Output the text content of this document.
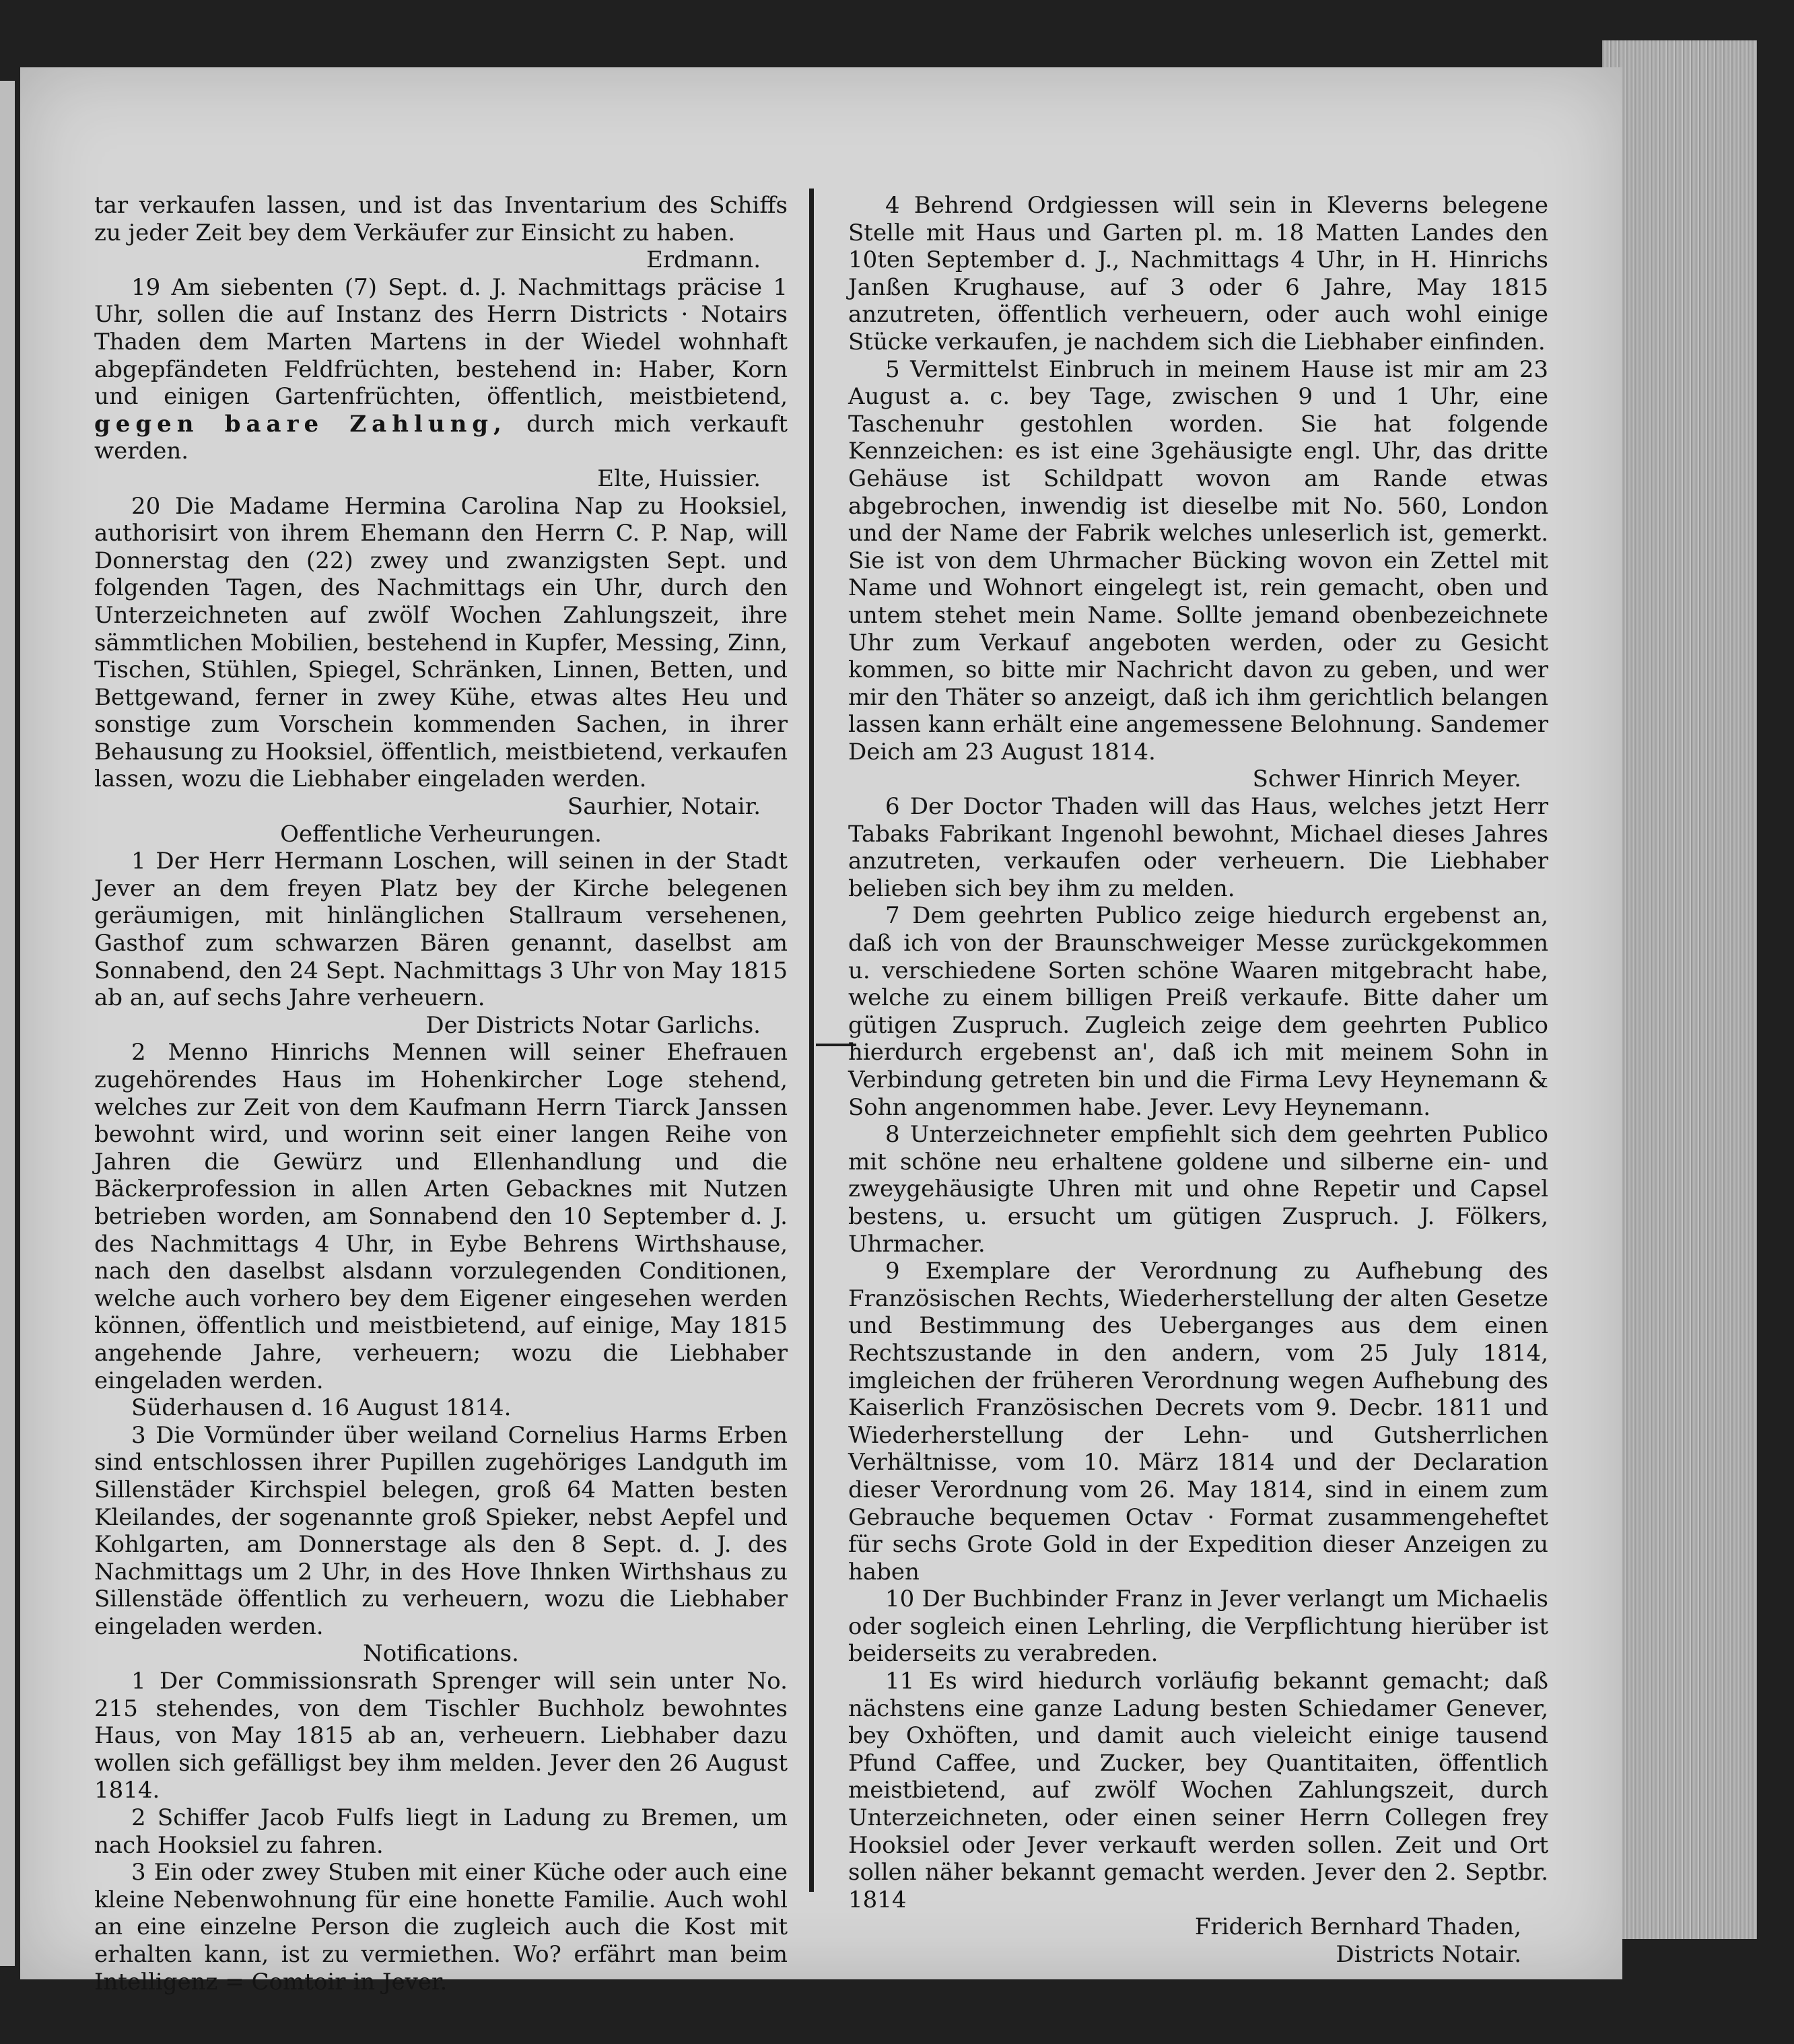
tar verkaufen lassen, und ist das Inventarium des Schiffs zu jeder Zeit bey dem Verkäufer zur Einsicht zu haben.

Erdmann.

19 Am siebenten (7) Sept. d. J. Nachmittags präcise 1 Uhr, sollen die auf Instanz des Herrn Districts · Notairs Thaden dem Marten Martens in der Wiedel wohnhaft abgepfändeten Feldfrüchten, bestehend in: Haber, Korn und einigen Gartenfrüchten, öffentlich, meistbietend, gegen baare Zahlung, durch mich verkauft werden.

Elte, Huissier.

20 Die Madame Hermina Carolina Nap zu Hooksiel, authorisirt von ihrem Ehemann den Herrn C. P. Nap, will Donnerstag den (22) zwey und zwanzigsten Sept. und folgenden Tagen, des Nachmittags ein Uhr, durch den Unterzeichneten auf zwölf Wochen Zahlungszeit, ihre sämmtlichen Mobilien, bestehend in Kupfer, Messing, Zinn, Tischen, Stühlen, Spiegel, Schränken, Linnen, Betten, und Bettgewand, ferner in zwey Kühe, etwas altes Heu und sonstige zum Vorschein kommenden Sachen, in ihrer Behausung zu Hooksiel, öffentlich, meistbietend, verkaufen lassen, wozu die Liebhaber eingeladen werden.

Saurhier, Notair.

Oeffentliche Verheurungen.

1 Der Herr Hermann Loschen, will seinen in der Stadt Jever an dem freyen Platz bey der Kirche belegenen geräumigen, mit hinlänglichen Stallraum versehenen, Gasthof zum schwarzen Bären genannt, daselbst am Sonnabend, den 24 Sept. Nachmittags 3 Uhr von May 1815 ab an, auf sechs Jahre verheuern.

Der Districts Notar Garlichs.

2 Menno Hinrichs Mennen will seiner Ehefrauen zugehörendes Haus im Hohenkircher Loge stehend, welches zur Zeit von dem Kaufmann Herrn Tiarck Janssen bewohnt wird, und worinn seit einer langen Reihe von Jahren die Gewürz und Ellenhandlung und die Bäckerprofession in allen Arten Gebacknes mit Nutzen betrieben worden, am Sonnabend den 10 September d. J. des Nachmittags 4 Uhr, in Eybe Behrens Wirthshause, nach den daselbst alsdann vorzulegenden Conditionen, welche auch vorhero bey dem Eigener eingesehen werden können, öffentlich und meistbietend, auf einige, May 1815 angehende Jahre, verheuern; wozu die Liebhaber eingeladen werden.

Süderhausen d. 16 August 1814.

3 Die Vormünder über weiland Cornelius Harms Erben sind entschlossen ihrer Pupillen zugehöriges Landguth im Sillenstäder Kirchspiel belegen, groß 64 Matten besten Kleilandes, der sogenannte groß Spieker, nebst Aepfel und Kohlgarten, am Donnerstage als den 8 Sept. d. J. des Nachmittags um 2 Uhr, in des Hove Ihnken Wirthshaus zu Sillenstäde öffentlich zu verheuern, wozu die Liebhaber eingeladen werden.

Notifications.

1 Der Commissionsrath Sprenger will sein unter No. 215 stehendes, von dem Tischler Buchholz bewohntes Haus, von May 1815 ab an, verheuern. Liebhaber dazu wollen sich gefälligst bey ihm melden. Jever den 26 August 1814.

2 Schiffer Jacob Fulfs liegt in Ladung zu Bremen, um nach Hooksiel zu fahren.

3 Ein oder zwey Stuben mit einer Küche oder auch eine kleine Nebenwohnung für eine honette Familie. Auch wohl an eine einzelne Person die zugleich auch die Kost mit erhalten kann, ist zu vermiethen. Wo? erfährt man beim Intelligenz = Comtoir in Jever.

4 Behrend Ordgiessen will sein in Kleverns belegene Stelle mit Haus und Garten pl. m. 18 Matten Landes den 10ten September d. J., Nachmittags 4 Uhr, in H. Hinrichs Janßen Krughause, auf 3 oder 6 Jahre, May 1815 anzutreten, öffentlich verheuern, oder auch wohl einige Stücke verkaufen, je nachdem sich die Liebhaber einfinden.

5 Vermittelst Einbruch in meinem Hause ist mir am 23 August a. c. bey Tage, zwischen 9 und 1 Uhr, eine Taschenuhr gestohlen worden. Sie hat folgende Kennzeichen: es ist eine 3gehäusigte engl. Uhr, das dritte Gehäuse ist Schildpatt wovon am Rande etwas abgebrochen, inwendig ist dieselbe mit No. 560, London und der Name der Fabrik welches unleserlich ist, gemerkt. Sie ist von dem Uhrmacher Bücking wovon ein Zettel mit Name und Wohnort eingelegt ist, rein gemacht, oben und untem stehet mein Name. Sollte jemand obenbezeichnete Uhr zum Verkauf angeboten werden, oder zu Gesicht kommen, so bitte mir Nachricht davon zu geben, und wer mir den Thäter so anzeigt, daß ich ihm gerichtlich belangen lassen kann erhält eine angemessene Belohnung. Sandemer Deich am 23 August 1814.

Schwer Hinrich Meyer.

6 Der Doctor Thaden will das Haus, welches jetzt Herr Tabaks Fabrikant Ingenohl bewohnt, Michael dieses Jahres anzutreten, verkaufen oder verheuern. Die Liebhaber belieben sich bey ihm zu melden.

7 Dem geehrten Publico zeige hiedurch ergebenst an, daß ich von der Braunschweiger Messe zurückgekommen u. verschiedene Sorten schöne Waaren mitgebracht habe, welche zu einem billigen Preiß verkaufe. Bitte daher um gütigen Zuspruch. Zugleich zeige dem geehrten Publico hierdurch ergebenst an', daß ich mit meinem Sohn in Verbindung getreten bin und die Firma Levy Heynemann & Sohn angenommen habe. Jever. Levy Heynemann.

8 Unterzeichneter empfiehlt sich dem geehrten Publico mit schöne neu erhaltene goldene und silberne ein- und zweygehäusigte Uhren mit und ohne Repetir und Capsel bestens, u. ersucht um gütigen Zuspruch. J. Fölkers, Uhrmacher.

9 Exemplare der Verordnung zu Aufhebung des Französischen Rechts, Wiederherstellung der alten Gesetze und Bestimmung des Ueberganges aus dem einen Rechtszustande in den andern, vom 25 July 1814, imgleichen der früheren Verordnung wegen Aufhebung des Kaiserlich Französischen Decrets vom 9. Decbr. 1811 und Wiederherstellung der Lehn- und Gutsherrlichen Verhältnisse, vom 10. März 1814 und der Declaration dieser Verordnung vom 26. May 1814, sind in einem zum Gebrauche bequemen Octav · Format zusammengeheftet für sechs Grote Gold in der Expedition dieser Anzeigen zu haben

10 Der Buchbinder Franz in Jever verlangt um Michaelis oder sogleich einen Lehrling, die Verpflichtung hierüber ist beiderseits zu verabreden.

11 Es wird hiedurch vorläufig bekannt gemacht; daß nächstens eine ganze Ladung besten Schiedamer Genever, bey Oxhöften, und damit auch vieleicht einige tausend Pfund Caffee, und Zucker, bey Quantitaiten, öffentlich meistbietend, auf zwölf Wochen Zahlungszeit, durch Unterzeichneten, oder einen seiner Herrn Collegen frey Hooksiel oder Jever verkauft werden sollen. Zeit und Ort sollen näher bekannt gemacht werden. Jever den 2. Septbr. 1814

Friderich Bernhard Thaden,

Districts Notair.
